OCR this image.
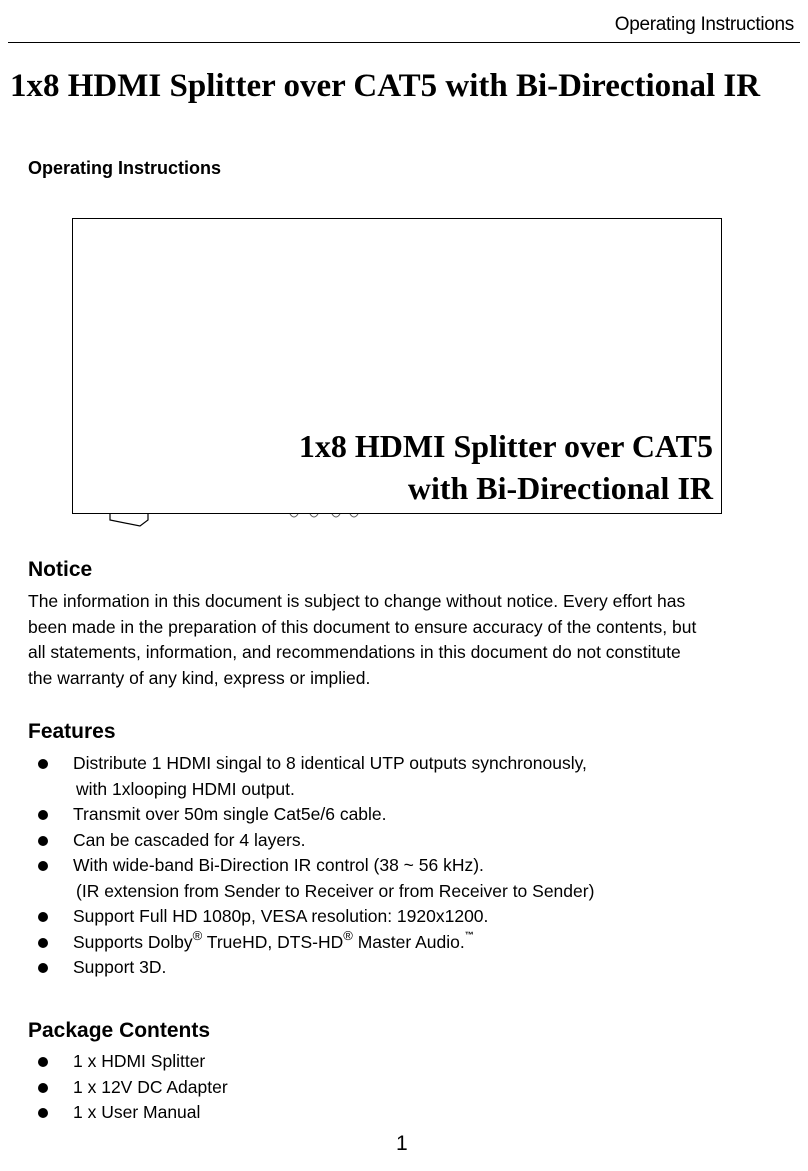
Operating Instructions
1x8 HDMI Splitter over CAT5 with Bi-Directional IR
Operating Instructions
1x8 HDMI Splitter over CAT5
with Bi-Directional IR
Notice
The information in this document is subject to change without notice. Every effort has
been made in the preparation of this document to ensure accuracy of the contents, but
all statements, information, and recommendations in this document do not constitute
the warranty of any kind, express or implied.
Features
Distribute 1 HDMI singal to 8 identical UTP outputs synchronously,
with 1xlooping HDMI output.
Transmit over 50m single Cat5e/6 cable.
Can be cascaded for 4 layers.
With wide-band Bi-Direction IR control (38 ~ 56 kHz).
(IR extension from Sender to Receiver or from Receiver to Sender)
Support Full HD 1080p, VESA resolution: 1920x1200.
Supports Dolby® TrueHD, DTS-HD® Master Audio.™
Support 3D.
Package Contents
1 x HDMI Splitter
1 x 12V DC Adapter
1 x User Manual
1
